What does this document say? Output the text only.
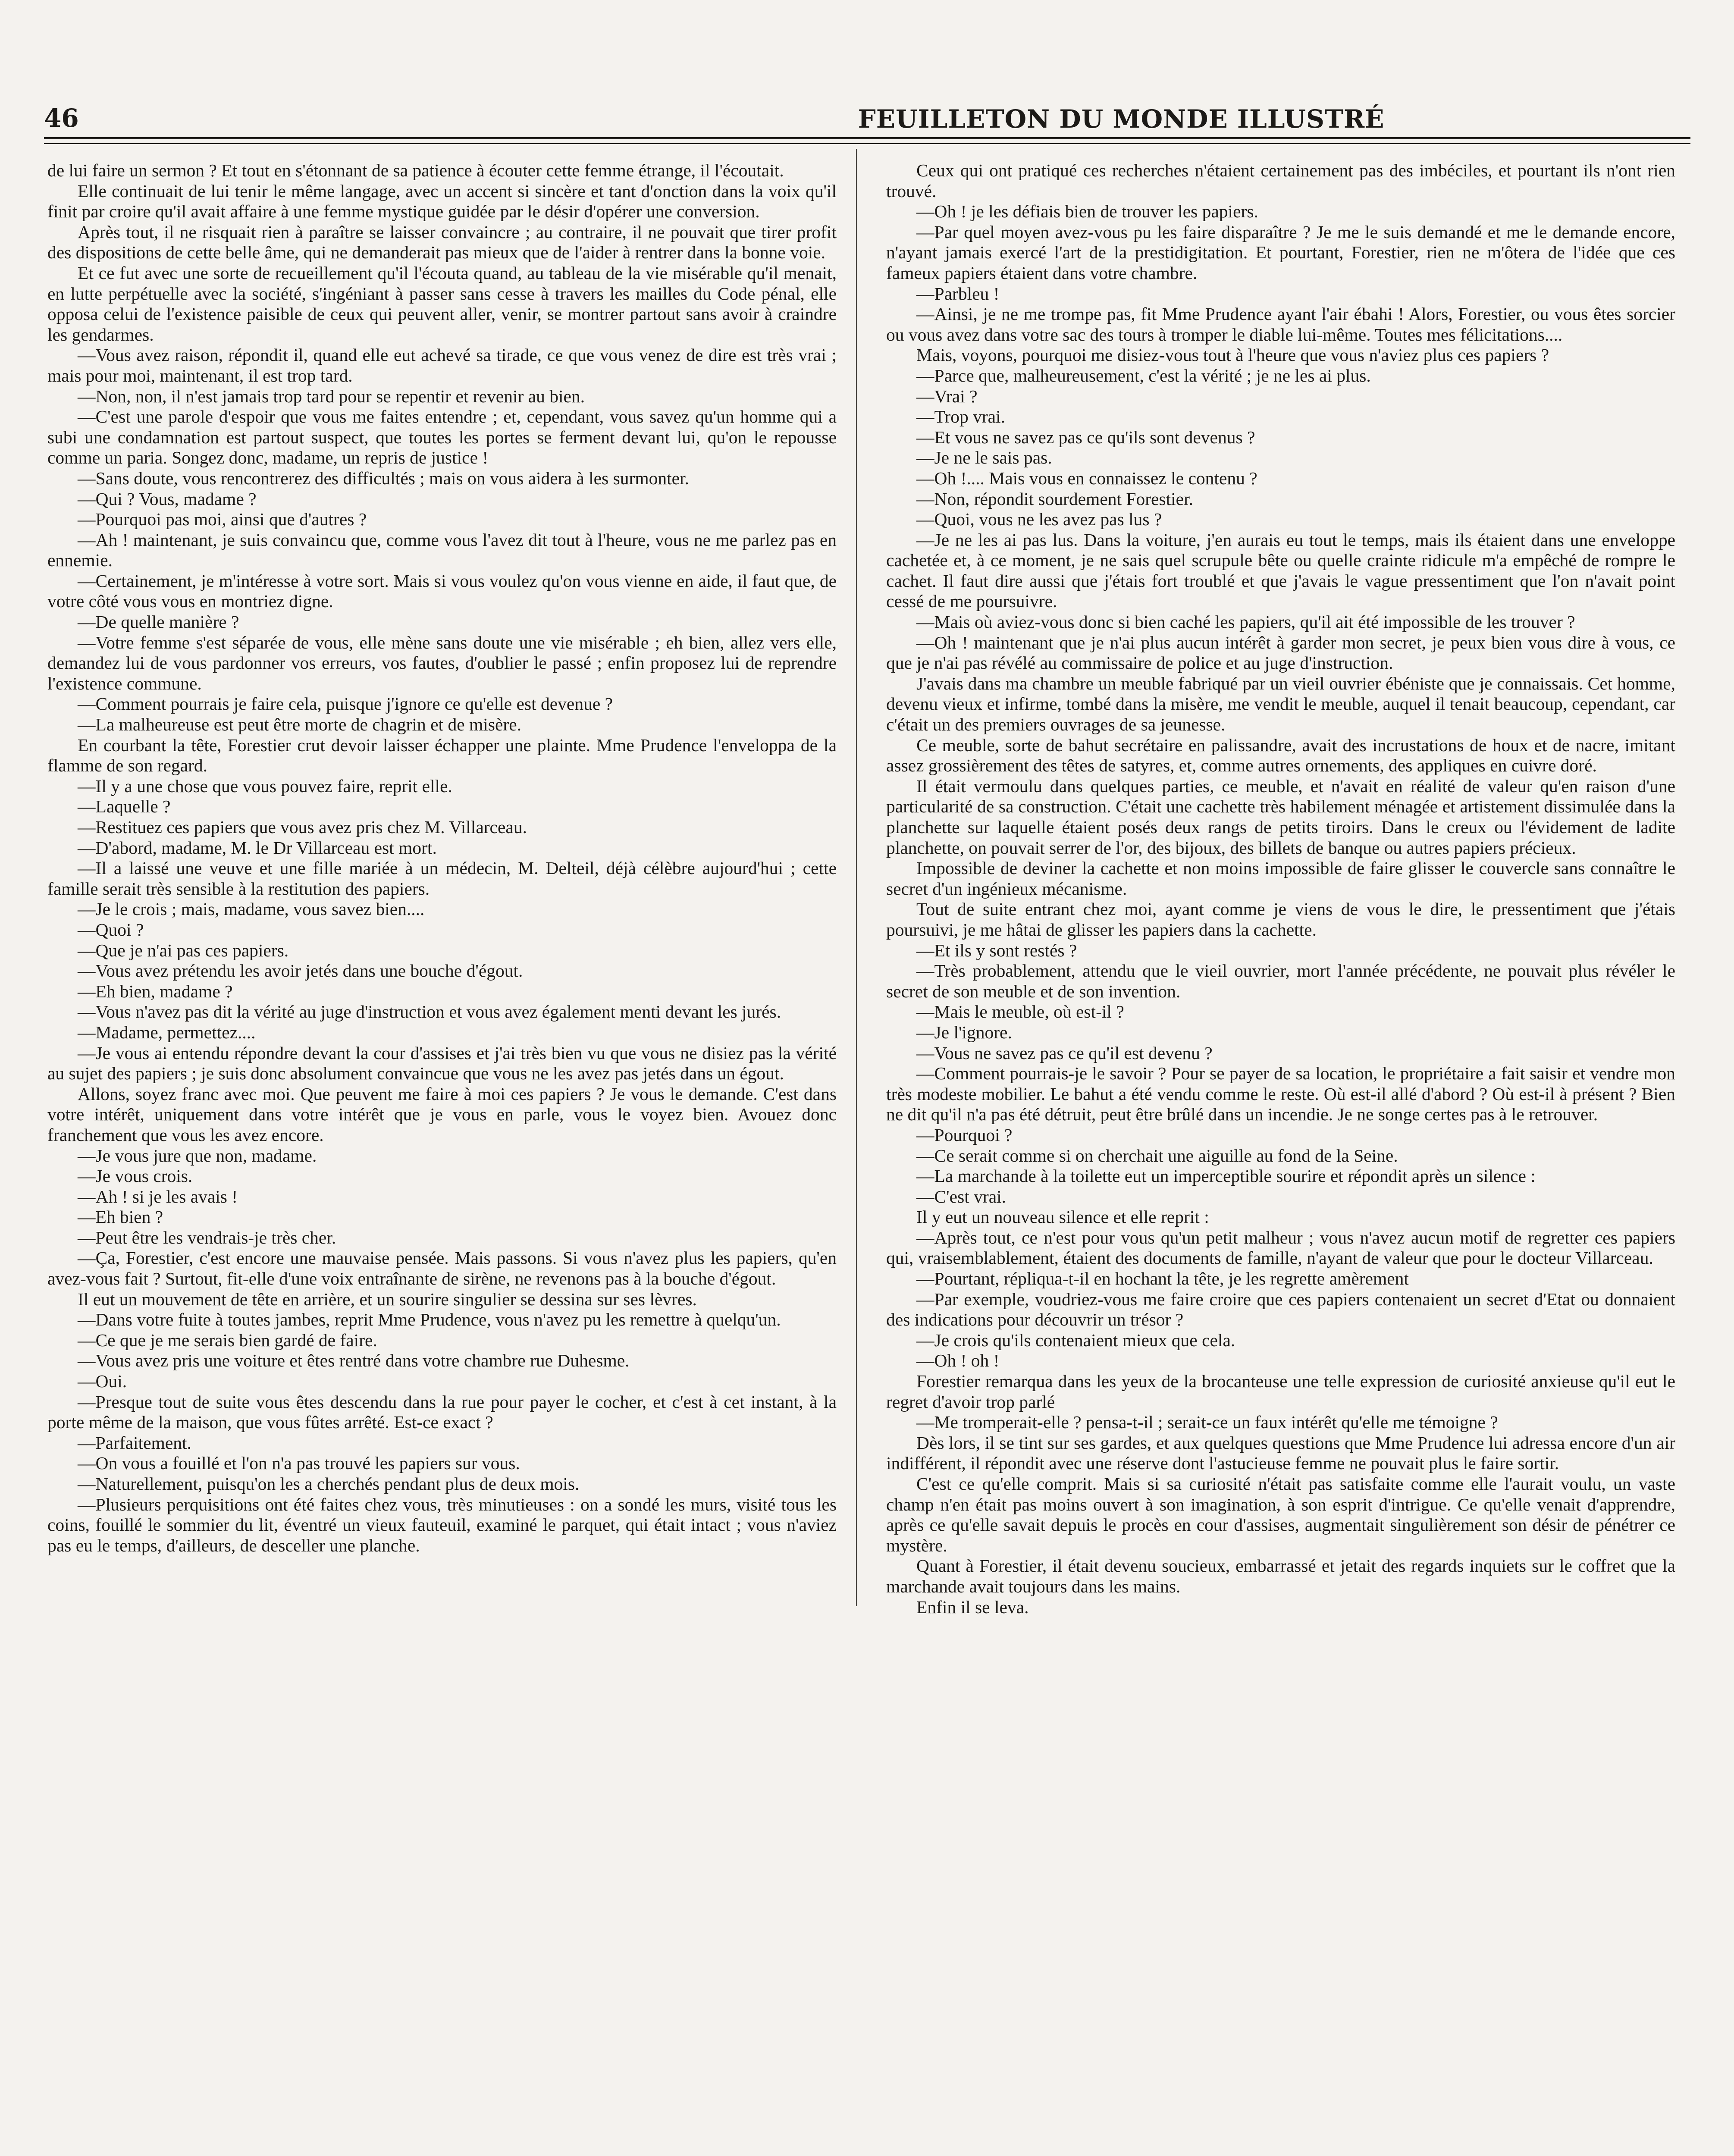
46	FEUILLETON DU MONDE ILLUSTRÉ

de lui faire un sermon ? Et tout en s'étonnant de sa patience à écouter cette femme étrange, il l'écoutait.

Elle continuait de lui tenir le même langage, avec un accent si sincère et tant d'onction dans la voix qu'il finit par croire qu'il avait affaire à une femme mystique guidée par le désir d'opérer une conversion.

Après tout, il ne risquait rien à paraître se laisser convaincre ; au contraire, il ne pouvait que tirer profit des dispositions de cette belle âme, qui ne demanderait pas mieux que de l'aider à rentrer dans la bonne voie.

Et ce fut avec une sorte de recueillement qu'il l'écouta quand, au tableau de la vie misérable qu'il menait, en lutte perpétuelle avec la société, s'ingéniant à passer sans cesse à travers les mailles du Code pénal, elle opposa celui de l'existence paisible de ceux qui peuvent aller, venir, se montrer partout sans avoir à craindre les gendarmes.

—Vous avez raison, répondit il, quand elle eut achevé sa tirade, ce que vous venez de dire est très vrai ; mais pour moi, maintenant, il est trop tard.

—Non, non, il n'est jamais trop tard pour se repentir et revenir au bien.

—C'est une parole d'espoir que vous me faites entendre ; et, cependant, vous savez qu'un homme qui a subi une condamnation est partout suspect, que toutes les portes se ferment devant lui, qu'on le repousse comme un paria. Songez donc, madame, un repris de justice !

—Sans doute, vous rencontrerez des difficultés ; mais on vous aidera à les surmonter.

—Qui ? Vous, madame ?

—Pourquoi pas moi, ainsi que d'autres ?

—Ah ! maintenant, je suis convaincu que, comme vous l'avez dit tout à l'heure, vous ne me parlez pas en ennemie.

—Certainement, je m'intéresse à votre sort. Mais si vous voulez qu'on vous vienne en aide, il faut que, de votre côté vous vous en montriez digne.

—De quelle manière ?

—Votre femme s'est séparée de vous, elle mène sans doute une vie misérable ; eh bien, allez vers elle, demandez lui de vous pardonner vos erreurs, vos fautes, d'oublier le passé ; enfin proposez lui de reprendre l'existence commune.

—Comment pourrais je faire cela, puisque j'ignore ce qu'elle est devenue ?

—La malheureuse est peut être morte de chagrin et de misère.

En courbant la tête, Forestier crut devoir laisser échapper une plainte. Mme Prudence l'enveloppa de la flamme de son regard.

—Il y a une chose que vous pouvez faire, reprit elle.

—Laquelle ?

—Restituez ces papiers que vous avez pris chez M. Villarceau.

—D'abord, madame, M. le Dr Villarceau est mort.

—Il a laissé une veuve et une fille mariée à un médecin, M. Delteil, déjà célèbre aujourd'hui ; cette famille serait très sensible à la restitution des papiers.

—Je le crois ; mais, madame, vous savez bien....

—Quoi ?

—Que je n'ai pas ces papiers.

—Vous avez prétendu les avoir jetés dans une bouche d'égout.

—Eh bien, madame ?

—Vous n'avez pas dit la vérité au juge d'instruction et vous avez également menti devant les jurés.

—Madame, permettez....

—Je vous ai entendu répondre devant la cour d'assises et j'ai très bien vu que vous ne disiez pas la vérité au sujet des papiers ; je suis donc absolument convaincue que vous ne les avez pas jetés dans un égout.

Allons, soyez franc avec moi. Que peuvent me faire à moi ces papiers ? Je vous le demande. C'est dans votre intérêt, uniquement dans votre intérêt que je vous en parle, vous le voyez bien. Avouez donc franchement que vous les avez encore.

—Je vous jure que non, madame.

—Je vous crois.

—Ah ! si je les avais !

—Eh bien ?

—Peut être les vendrais-je très cher.

—Ça, Forestier, c'est encore une mauvaise pensée. Mais passons. Si vous n'avez plus les papiers, qu'en avez-vous fait ? Surtout, fit-elle d'une voix entraînante de sirène, ne revenons pas à la bouche d'égout.

Il eut un mouvement de tête en arrière, et un sourire singulier se dessina sur ses lèvres.

—Dans votre fuite à toutes jambes, reprit Mme Prudence, vous n'avez pu les remettre à quelqu'un.

—Ce que je me serais bien gardé de faire.

—Vous avez pris une voiture et êtes rentré dans votre chambre rue Duhesme.

—Oui.

—Presque tout de suite vous êtes descendu dans la rue pour payer le cocher, et c'est à cet instant, à la porte même de la maison, que vous fûtes arrêté. Est-ce exact ?

—Parfaitement.

—On vous a fouillé et l'on n'a pas trouvé les papiers sur vous.

—Naturellement, puisqu'on les a cherchés pendant plus de deux mois.

—Plusieurs perquisitions ont été faites chez vous, très minutieuses : on a sondé les murs, visité tous les coins, fouillé le sommier du lit, éventré un vieux fauteuil, examiné le parquet, qui était intact ; vous n'aviez pas eu le temps, d'ailleurs, de desceller une planche.

Ceux qui ont pratiqué ces recherches n'étaient certainement pas des imbéciles, et pourtant ils n'ont rien trouvé.

—Oh ! je les défiais bien de trouver les papiers.

—Par quel moyen avez-vous pu les faire disparaître ? Je me le suis demandé et me le demande encore, n'ayant jamais exercé l'art de la prestidigitation. Et pourtant, Forestier, rien ne m'ôtera de l'idée que ces fameux papiers étaient dans votre chambre.

—Parbleu !

—Ainsi, je ne me trompe pas, fit Mme Prudence ayant l'air ébahi ! Alors, Forestier, ou vous êtes sorcier ou vous avez dans votre sac des tours à tromper le diable lui-même. Toutes mes félicitations....

Mais, voyons, pourquoi me disiez-vous tout à l'heure que vous n'aviez plus ces papiers ?

—Parce que, malheureusement, c'est la vérité ; je ne les ai plus.

—Vrai ?

—Trop vrai.

—Et vous ne savez pas ce qu'ils sont devenus ?

—Je ne le sais pas.

—Oh !.... Mais vous en connaissez le contenu ?

—Non, répondit sourdement Forestier.

—Quoi, vous ne les avez pas lus ?

—Je ne les ai pas lus. Dans la voiture, j'en aurais eu tout le temps, mais ils étaient dans une enveloppe cachetée et, à ce moment, je ne sais quel scrupule bête ou quelle crainte ridicule m'a empêché de rompre le cachet. Il faut dire aussi que j'étais fort troublé et que j'avais le vague pressentiment que l'on n'avait point cessé de me poursuivre.

—Mais où aviez-vous donc si bien caché les papiers, qu'il ait été impossible de les trouver ?

—Oh ! maintenant que je n'ai plus aucun intérêt à garder mon secret, je peux bien vous dire à vous, ce que je n'ai pas révélé au commissaire de police et au juge d'instruction.

J'avais dans ma chambre un meuble fabriqué par un vieil ouvrier ébéniste que je connaissais. Cet homme, devenu vieux et infirme, tombé dans la misère, me vendit le meuble, auquel il tenait beaucoup, cependant, car c'était un des premiers ouvrages de sa jeunesse.

Ce meuble, sorte de bahut secrétaire en palissandre, avait des incrustations de houx et de nacre, imitant assez grossièrement des têtes de satyres, et, comme autres ornements, des appliques en cuivre doré.

Il était vermoulu dans quelques parties, ce meuble, et n'avait en réalité de valeur qu'en raison d'une particularité de sa construction. C'était une cachette très habilement ménagée et artistement dissimulée dans la planchette sur laquelle étaient posés deux rangs de petits tiroirs. Dans le creux ou l'évidement de ladite planchette, on pouvait serrer de l'or, des bijoux, des billets de banque ou autres papiers précieux.

Impossible de deviner la cachette et non moins impossible de faire glisser le couvercle sans connaître le secret d'un ingénieux mécanisme.

Tout de suite entrant chez moi, ayant comme je viens de vous le dire, le pressentiment que j'étais poursuivi, je me hâtai de glisser les papiers dans la cachette.

—Et ils y sont restés ?

—Très probablement, attendu que le vieil ouvrier, mort l'année précédente, ne pouvait plus révéler le secret de son meuble et de son invention.

—Mais le meuble, où est-il ?

—Je l'ignore.

—Vous ne savez pas ce qu'il est devenu ?

—Comment pourrais-je le savoir ? Pour se payer de sa location, le propriétaire a fait saisir et vendre mon très modeste mobilier. Le bahut a été vendu comme le reste. Où est-il allé d'abord ? Où est-il à présent ? Bien ne dit qu'il n'a pas été détruit, peut être brûlé dans un incendie. Je ne songe certes pas à le retrouver.

—Pourquoi ?

—Ce serait comme si on cherchait une aiguille au fond de la Seine.

—La marchande à la toilette eut un imperceptible sourire et répondit après un silence :

—C'est vrai.

Il y eut un nouveau silence et elle reprit :

—Après tout, ce n'est pour vous qu'un petit malheur ; vous n'avez aucun motif de regretter ces papiers qui, vraisemblablement, étaient des documents de famille, n'ayant de valeur que pour le docteur Villarceau.

—Pourtant, répliqua-t-il en hochant la tête, je les regrette amèrement

—Par exemple, voudriez-vous me faire croire que ces papiers contenaient un secret d'Etat ou donnaient des indications pour découvrir un trésor ?

—Je crois qu'ils contenaient mieux que cela.

—Oh ! oh !

Forestier remarqua dans les yeux de la brocanteuse une telle expression de curiosité anxieuse qu'il eut le regret d'avoir trop parlé

—Me tromperait-elle ? pensa-t-il ; serait-ce un faux intérêt qu'elle me témoigne ?

Dès lors, il se tint sur ses gardes, et aux quelques questions que Mme Prudence lui adressa encore d'un air indifférent, il répondit avec une réserve dont l'astucieuse femme ne pouvait plus le faire sortir.

C'est ce qu'elle comprit. Mais si sa curiosité n'était pas satisfaite comme elle l'aurait voulu, un vaste champ n'en était pas moins ouvert à son imagination, à son esprit d'intrigue. Ce qu'elle venait d'apprendre, après ce qu'elle savait depuis le procès en cour d'assises, augmentait singulièrement son désir de pénétrer ce mystère.

Quant à Forestier, il était devenu soucieux, embarrassé et jetait des regards inquiets sur le coffret que la marchande avait toujours dans les mains.

Enfin il se leva.
